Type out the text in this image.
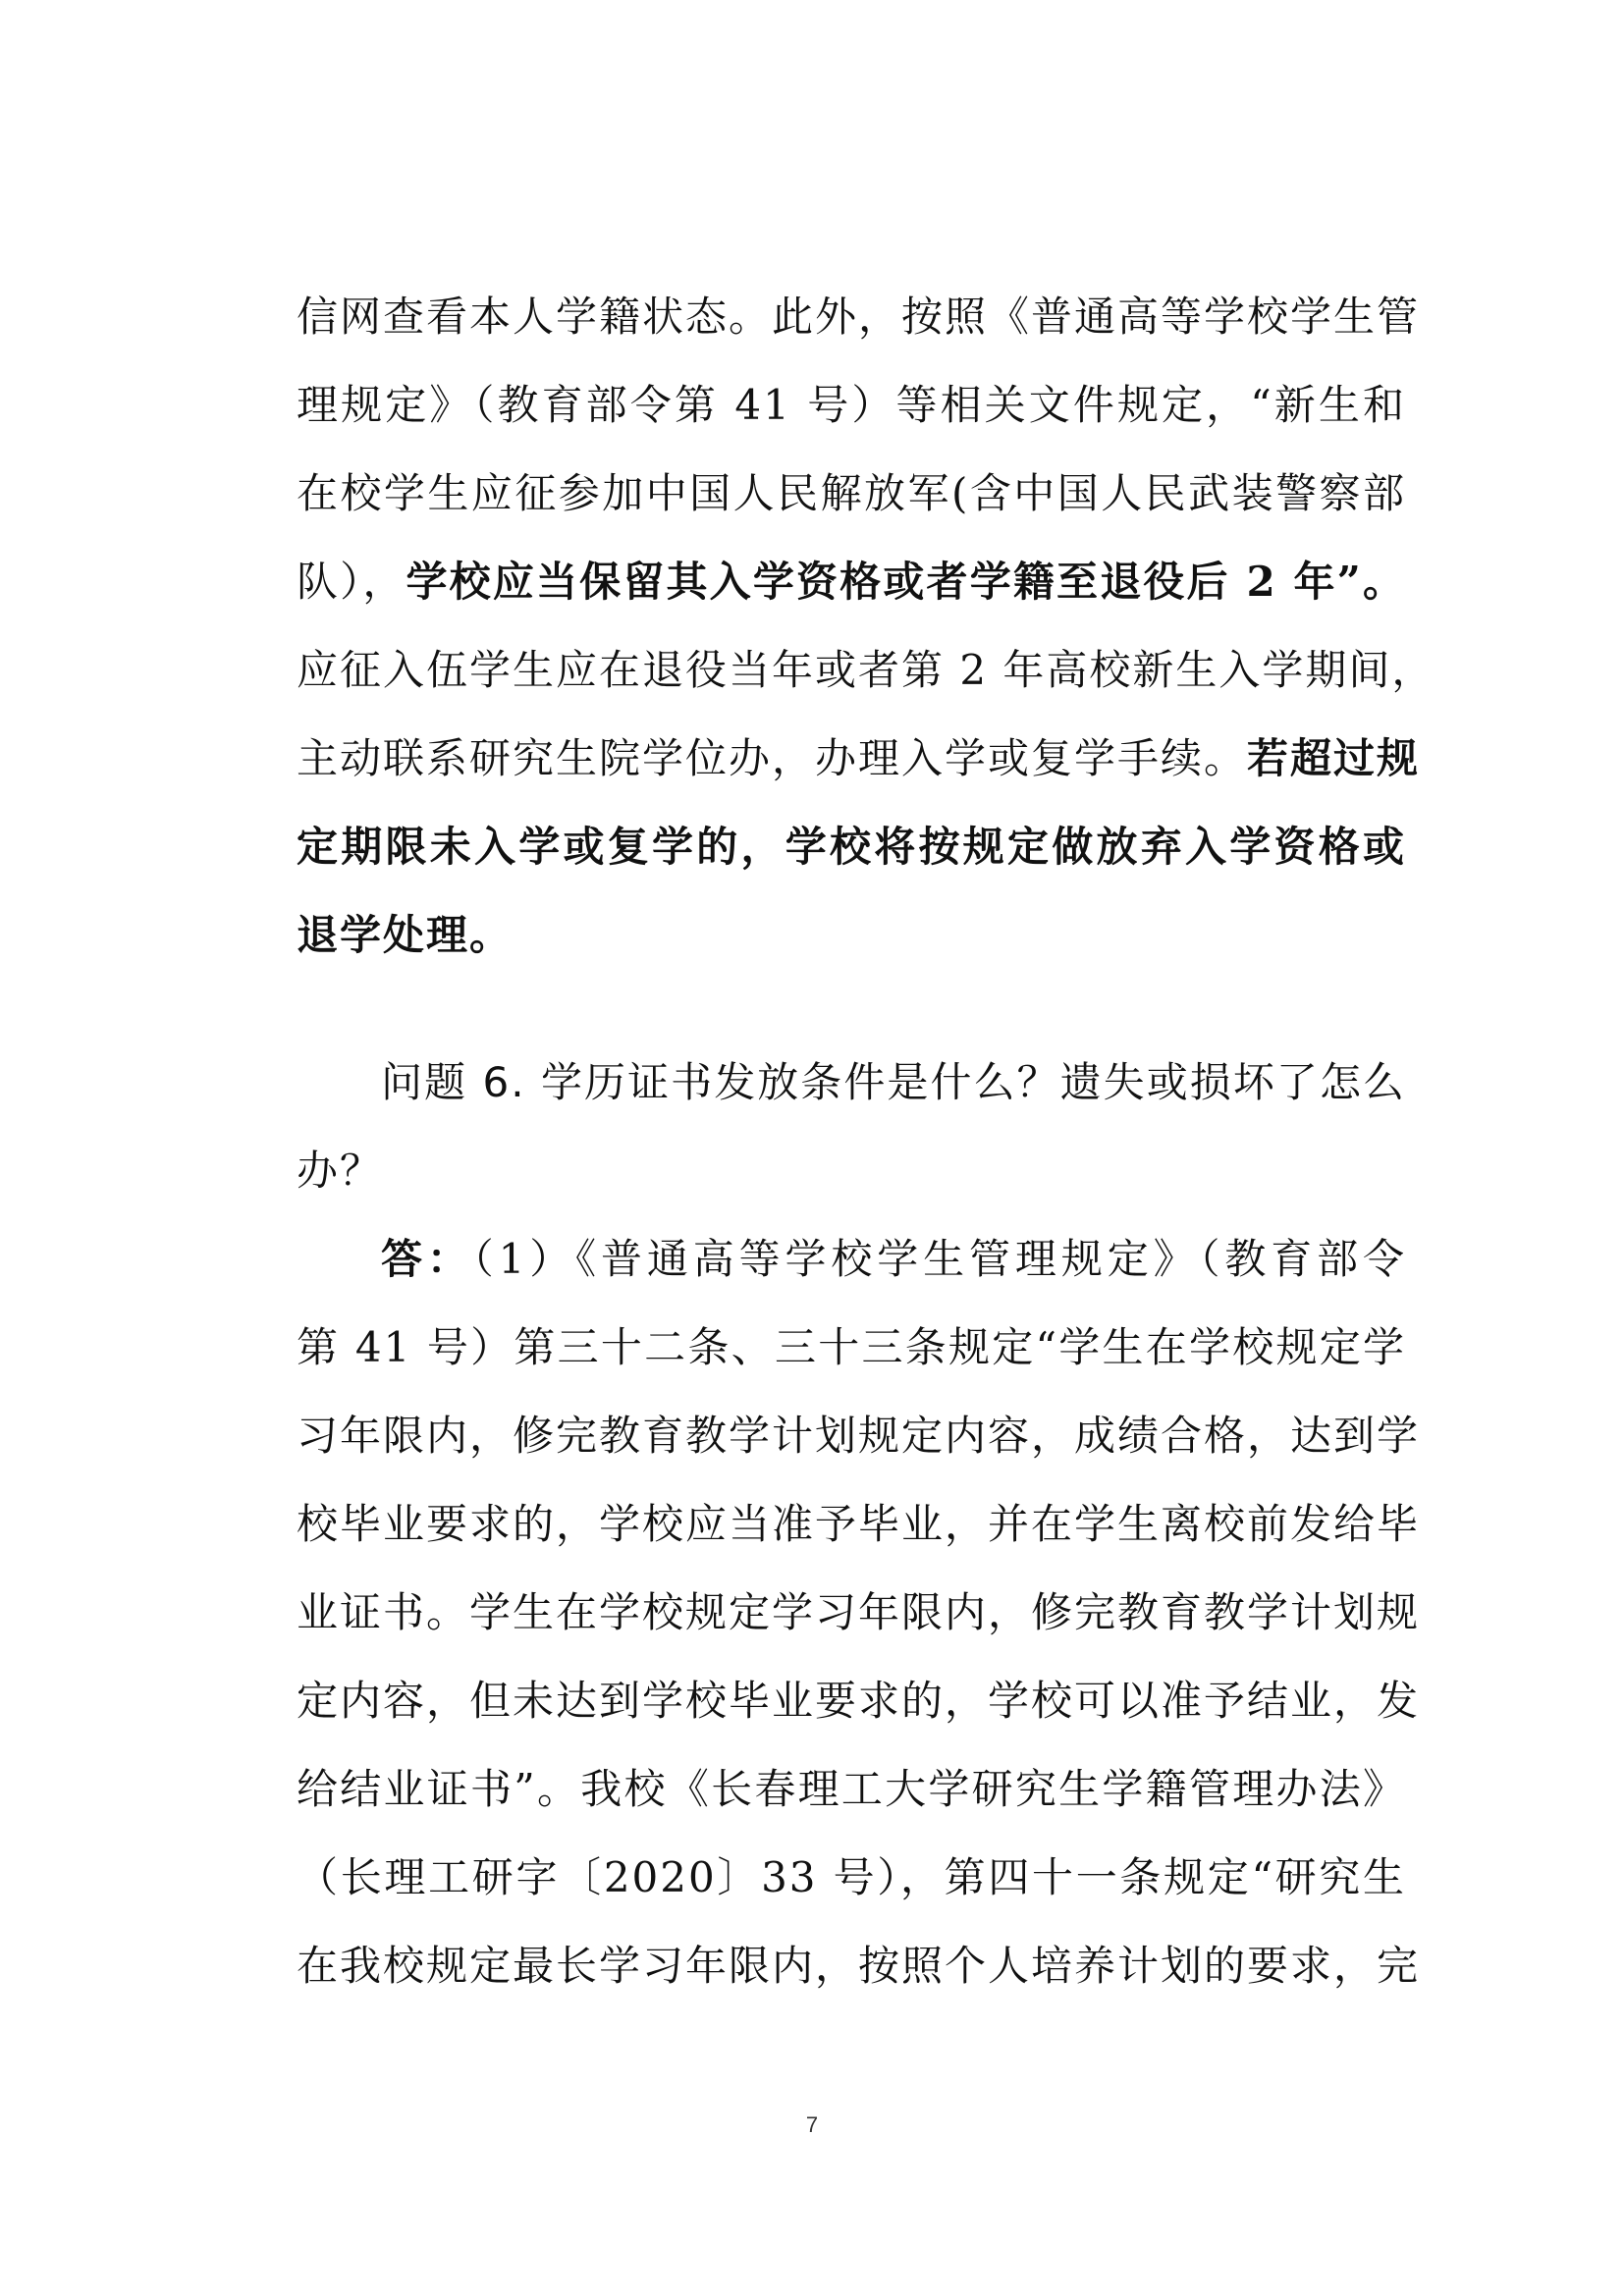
信网查看本人学籍状态。此外，按照《普通高等学校学生管
理规定》（教育部令第 41 号）等相关文件规定，“新生和
在校学生应征参加中国人民解放军(含中国人民武装警察部
队），学校应当保留其入学资格或者学籍至退役后 2 年”。
应征入伍学生应在退役当年或者第 2 年高校新生入学期间，
主动联系研究生院学位办，办理入学或复学手续。若超过规
定期限未入学或复学的，学校将按规定做放弃入学资格或
退学处理。
问题 6. 学历证书发放条件是什么？遗失或损坏了怎么
办？
答：（1）《普通高等学校学生管理规定》（教育部令
第 41 号）第三十二条、三十三条规定“学生在学校规定学
习年限内，修完教育教学计划规定内容，成绩合格，达到学
校毕业要求的，学校应当准予毕业，并在学生离校前发给毕
业证书。学生在学校规定学习年限内，修完教育教学计划规
定内容，但未达到学校毕业要求的，学校可以准予结业，发
给结业证书”。我校《长春理工大学研究生学籍管理办法》
（长理工研字〔2020〕33 号），第四十一条规定“研究生
在我校规定最长学习年限内，按照个人培养计划的要求，完
7
